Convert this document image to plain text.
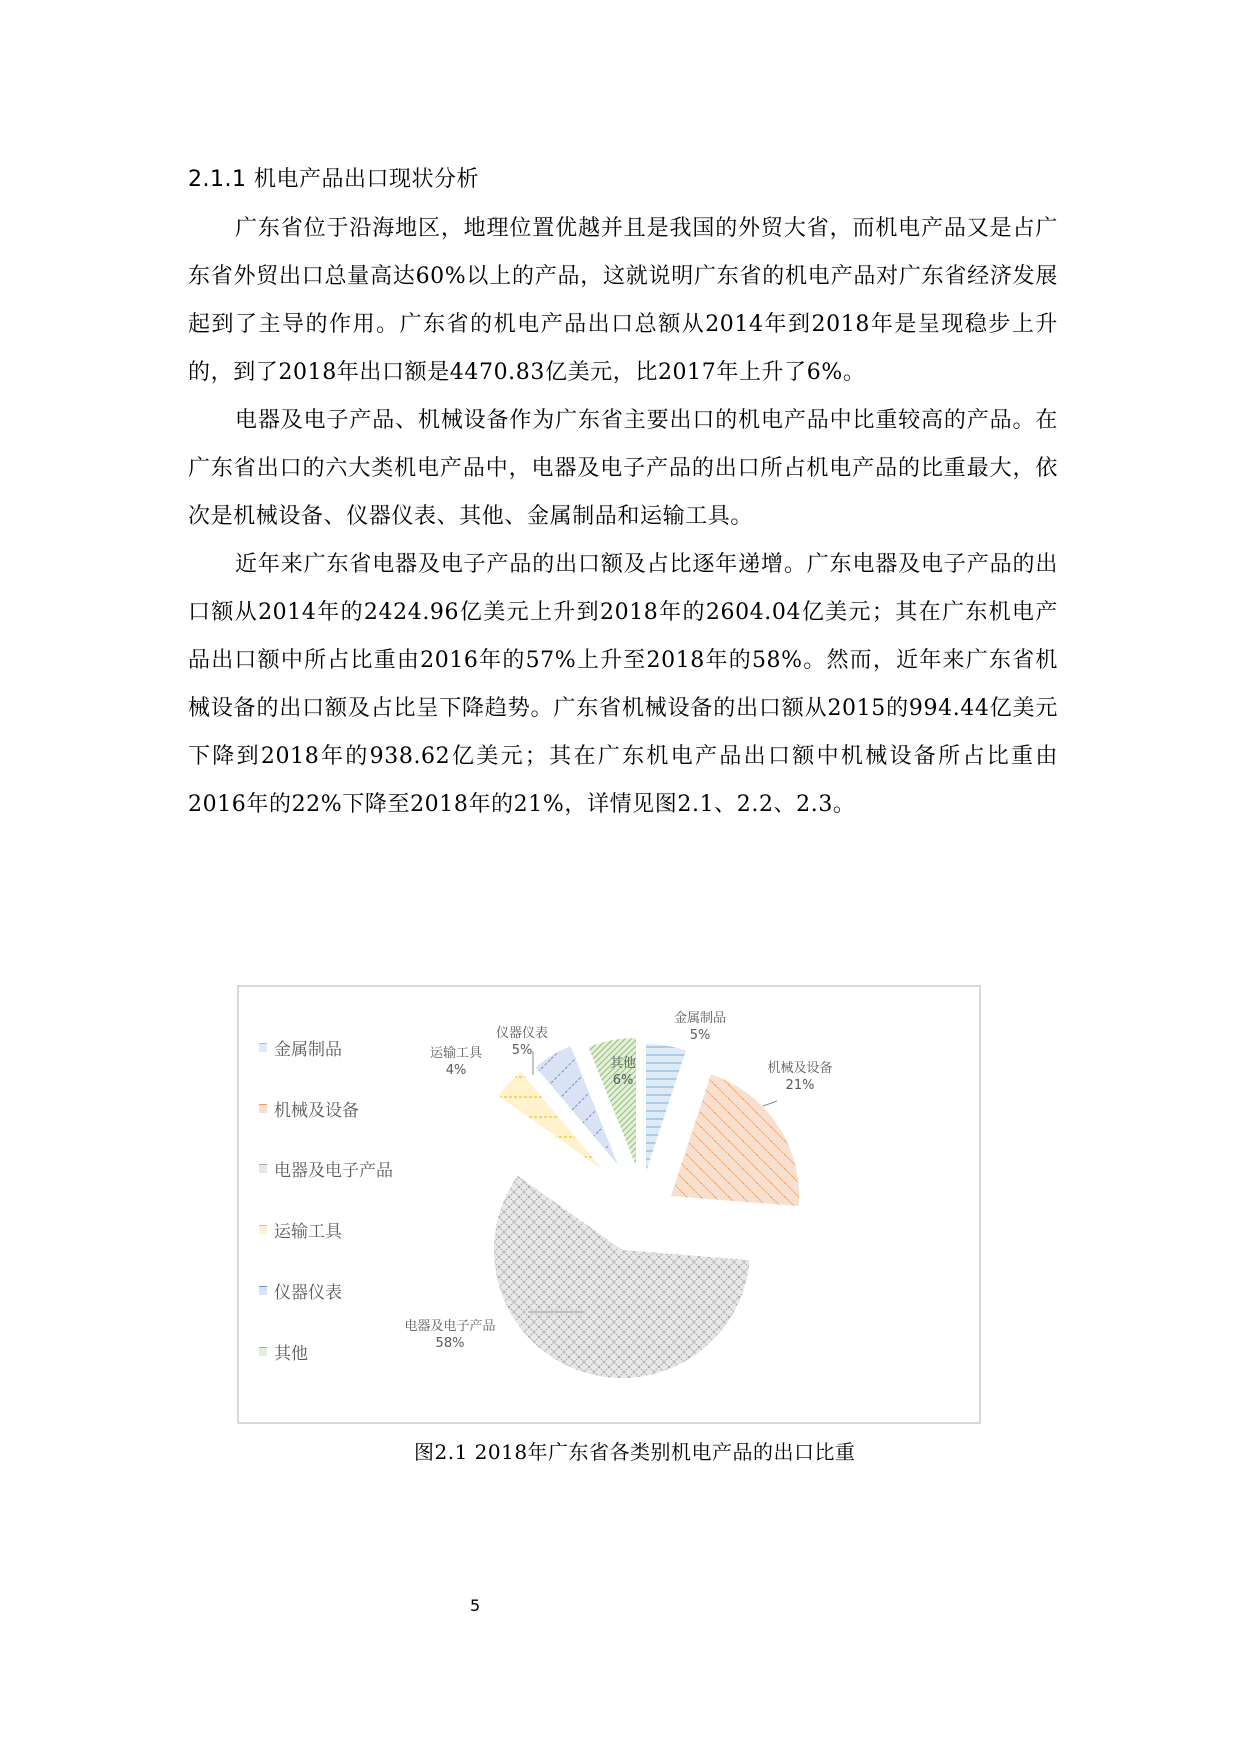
2.1.1 机电产品出口现状分析

广东省位于沿海地区，地理位置优越并且是我国的外贸大省，而机电产品又是占广东省外贸出口总量高达60%以上的产品，这就说明广东省的机电产品对广东省经济发展起到了主导的作用。广东省的机电产品出口总额从2014年到2018年是呈现稳步上升的，到了2018年出口额是4470.83亿美元，比2017年上升了6%。

电器及电子产品、机械设备作为广东省主要出口的机电产品中比重较高的产品。在广东省出口的六大类机电产品中，电器及电子产品的出口所占机电产品的比重最大，依次是机械设备、仪器仪表、其他、金属制品和运输工具。

近年来广东省电器及电子产品的出口额及占比逐年递增。广东电器及电子产品的出口额从2014年的2424.96亿美元上升到2018年的2604.04亿美元；其在广东机电产品出口额中所占比重由2016年的57%上升至2018年的58%。然而，近年来广东省机械设备的出口额及占比呈下降趋势。广东省机械设备的出口额从2015的994.44亿美元下降到2018年的938.62亿美元；其在广东机电产品出口额中机械设备所占比重由2016年的22%下降至2018年的21%，详情见图2.1、2.2、2.3。

金属制品
5%
机械及设备
21%
电器及电子产品
58%
运输工具
4%
仪器仪表
5%
其他
6%
金属制品
机械及设备
电器及电子产品
运输工具
仪器仪表
其他
图2.1 2018年广东省各类别机电产品的出口比重
5
